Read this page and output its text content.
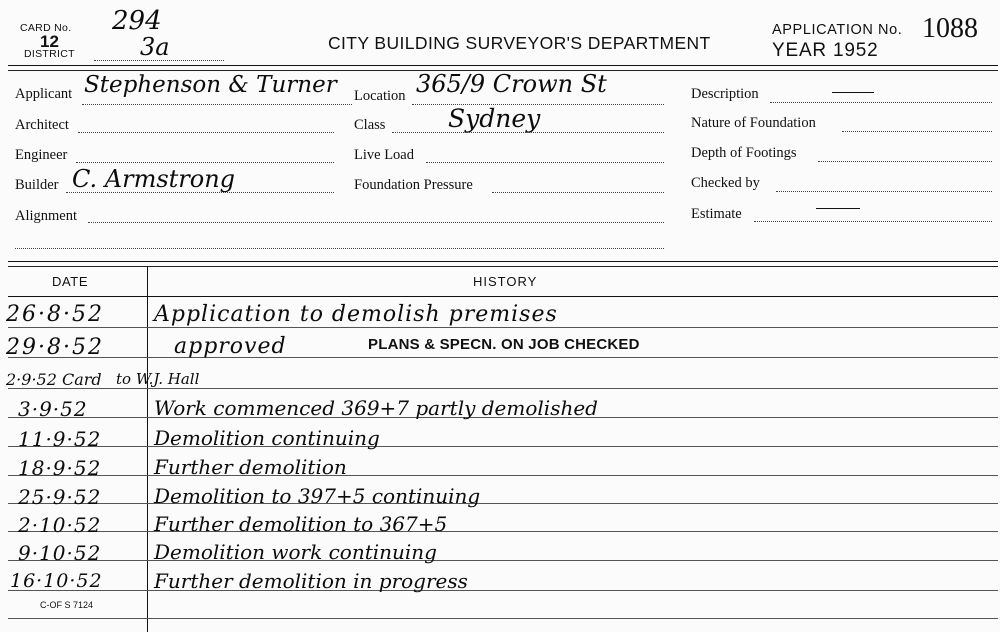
CARD No. 294
12
DISTRICT	3a	CITY BUILDING SURVEYOR'S DEPARTMENT
APPLICATION No. 1088
YEAR 1952
Applicant Stephenson & Turner
Architect
Engineer
Builder C. Armstrong
Alignment
Location 365/9 Crown St
Class	Sydney
Live Load
Foundation Pressure
Description
Nature of Foundation
Depth of Footings
Checked by
Estimate
DATE	HISTORY
26·8·52 Application to demolish premises
29·8·52	approved	PLANS & SPECN. ON JOB CHECKED
2·9·52 Card to W.J. Hall
3·9·52	Work commenced 369+7 partly demolished
11·9·52	Demolition continuing
18·9·52	Further demolition
25·9·52	Demolition to 397+5 continuing
2·10·52	Further demolition to 367+5
9·10·52	Demolition work continuing
16·10·52	Further demolition in progress
C-OF S 7124
